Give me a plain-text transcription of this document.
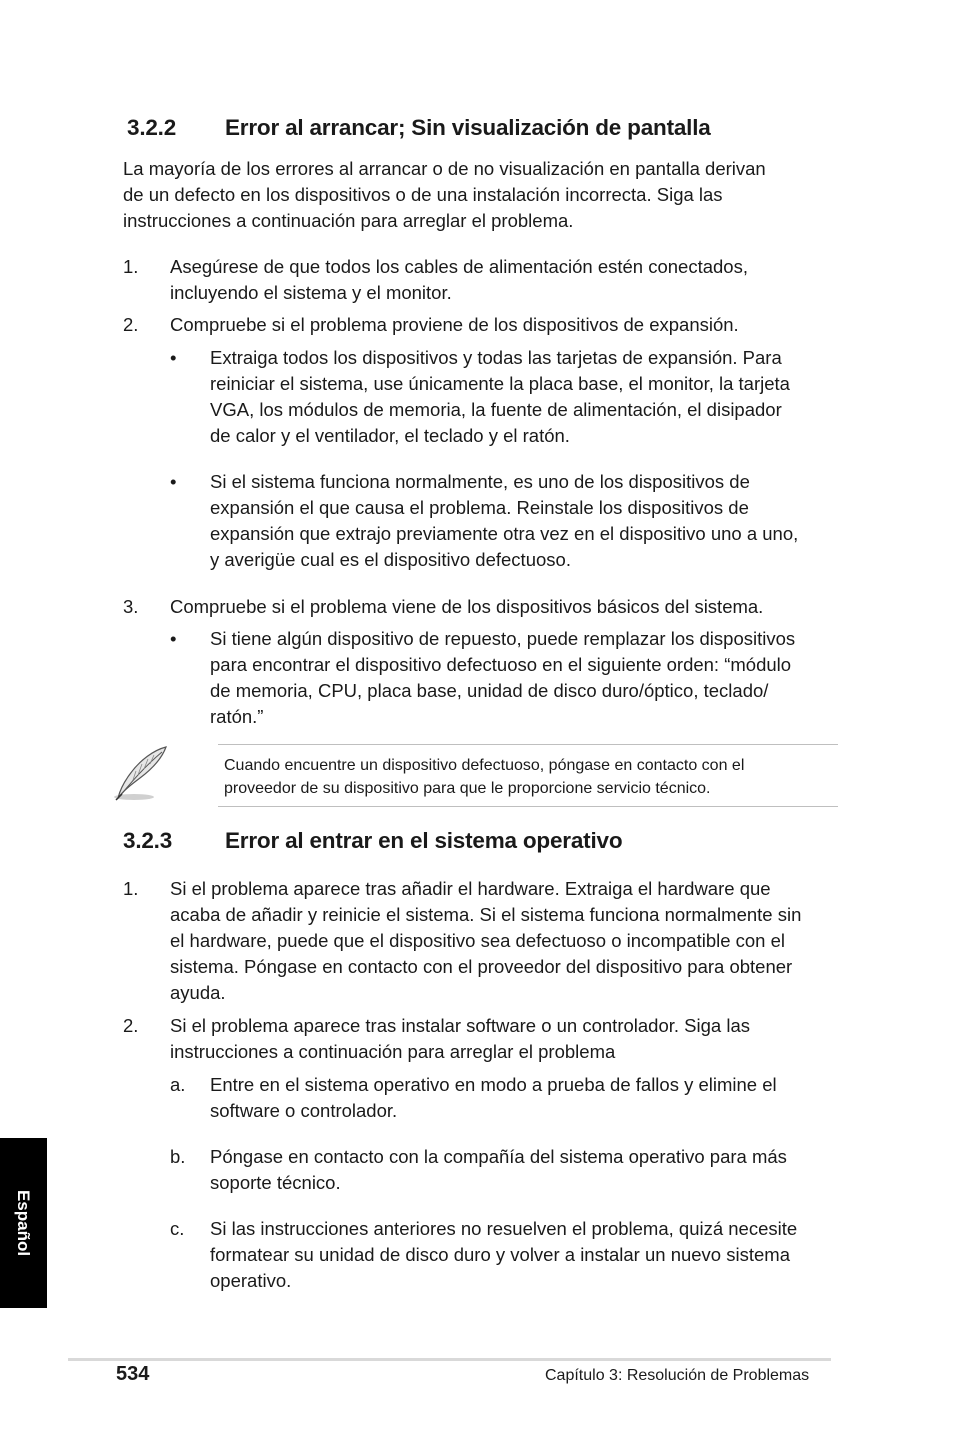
3.2.2 Error al arrancar; Sin visualización de pantalla
La mayoría de los errores al arrancar o de no visualización en pantalla derivan
de un defecto en los dispositivos o de una instalación incorrecta. Siga las
instrucciones a continuación para arreglar el problema.
1. Asegúrese de que todos los cables de alimentación estén conectados,
incluyendo el sistema y el monitor.
2. Compruebe si el problema proviene de los dispositivos de expansión.
• Extraiga todos los dispositivos y todas las tarjetas de expansión. Para
reiniciar el sistema, use únicamente la placa base, el monitor, la tarjeta
VGA, los módulos de memoria, la fuente de alimentación, el disipador
de calor y el ventilador, el teclado y el ratón.
• Si el sistema funciona normalmente, es uno de los dispositivos de
expansión el que causa el problema. Reinstale los dispositivos de
expansión que extrajo previamente otra vez en el dispositivo uno a uno,
y averigüe cual es el dispositivo defectuoso.
3. Compruebe si el problema viene de los dispositivos básicos del sistema.
• Si tiene algún dispositivo de repuesto, puede remplazar los dispositivos
para encontrar el dispositivo defectuoso en el siguiente orden: “módulo
de memoria, CPU, placa base, unidad de disco duro/óptico, teclado/
ratón.”
Cuando encuentre un dispositivo defectuoso, póngase en contacto con el
proveedor de su dispositivo para que le proporcione servicio técnico.
3.2.3 Error al entrar en el sistema operativo
1. Si el problema aparece tras añadir el hardware. Extraiga el hardware que
acaba de añadir y reinicie el sistema. Si el sistema funciona normalmente sin
el hardware, puede que el dispositivo sea defectuoso o incompatible con el
sistema. Póngase en contacto con el proveedor del dispositivo para obtener
ayuda.
2. Si el problema aparece tras instalar software o un controlador. Siga las
instrucciones a continuación para arreglar el problema
a. Entre en el sistema operativo en modo a prueba de fallos y elimine el
software o controlador.
b. Póngase en contacto con la compañía del sistema operativo para más
soporte técnico.
c. Si las instrucciones anteriores no resuelven el problema, quizá necesite
formatear su unidad de disco duro y volver a instalar un nuevo sistema
operativo.
Español
534	Capítulo 3: Resolución de Problemas
